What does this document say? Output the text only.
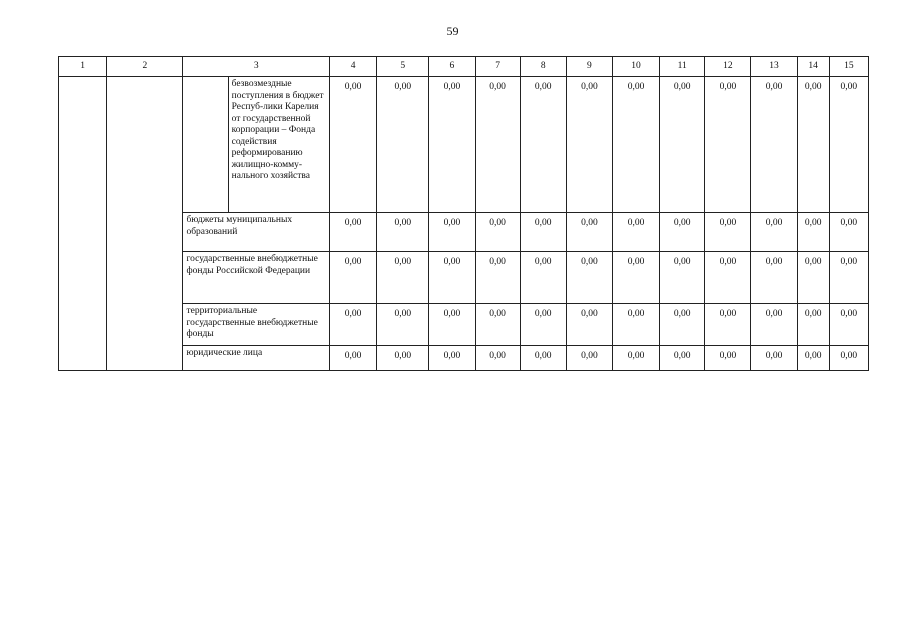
59
1	2	3		4	5	6	7	8	9	10	11	12	13	14	15
			безвозмездные поступления в бюджет Респуб-лики Карелия от государственной корпорации – Фонда содействия реформированию жилищно-комму-нального хозяйства	0,00	0,00	0,00	0,00	0,00	0,00	0,00	0,00	0,00	0,00	0,00	0,00
		бюджеты муниципальных образований		0,00	0,00	0,00	0,00	0,00	0,00	0,00	0,00	0,00	0,00	0,00	0,00
		государственные внебюджетные фонды Российской Федерации		0,00	0,00	0,00	0,00	0,00	0,00	0,00	0,00	0,00	0,00	0,00	0,00
		территориальные государственные внебюджетные фонды		0,00	0,00	0,00	0,00	0,00	0,00	0,00	0,00	0,00	0,00	0,00	0,00
		юридические лица		0,00	0,00	0,00	0,00	0,00	0,00	0,00	0,00	0,00	0,00	0,00	0,00
